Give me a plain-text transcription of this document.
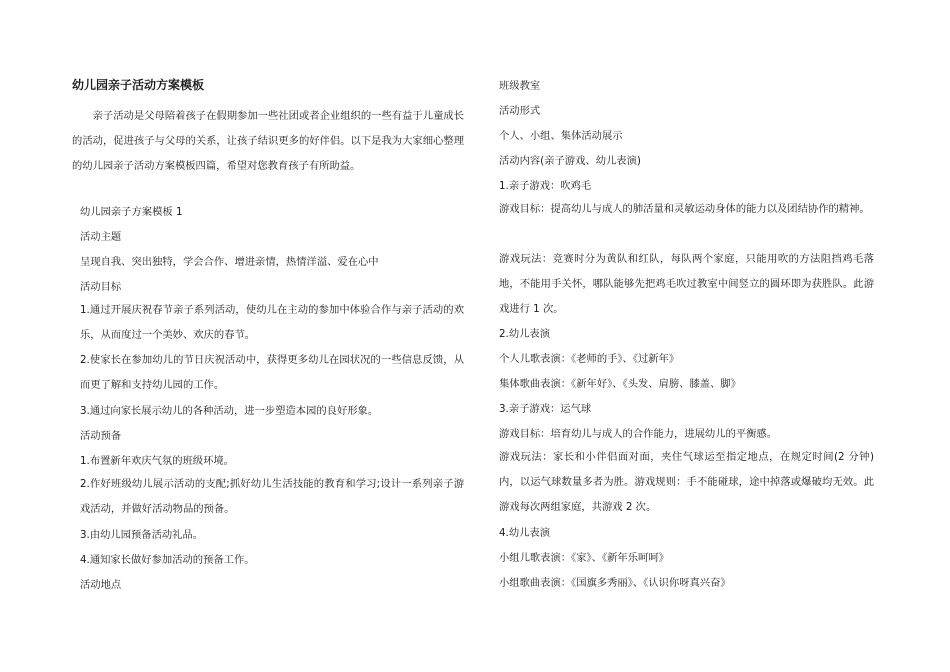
幼儿园亲子活动方案模板
亲子活动是父母陪着孩子在假期参加一些社团或者企业组织的一些有益于儿童成长的活动，促进孩子与父母的关系，让孩子结识更多的好伴侣。以下是我为大家细心整理的幼儿园亲子活动方案模板四篇，希望对您教育孩子有所助益。
幼儿园亲子方案模板 1
活动主题
呈现自我、突出独特，学会合作、增进亲情，热情洋溢、爱在心中
活动目标
1.通过开展庆祝春节亲子系列活动，使幼儿在主动的参加中体验合作与亲子活动的欢乐，从而度过一个美妙、欢庆的春节。
2.使家长在参加幼儿的节日庆祝活动中，获得更多幼儿在园状况的一些信息反馈，从而更了解和支持幼儿园的工作。
3.通过向家长展示幼儿的各种活动，进一步塑造本园的良好形象。
活动预备
1.布置新年欢庆气氛的班级环境。
2.作好班级幼儿展示活动的支配;抓好幼儿生活技能的教育和学习;设计一系列亲子游戏活动，并做好活动物品的预备。
3.由幼儿园预备活动礼品。
4.通知家长做好参加活动的预备工作。
活动地点
班级教室
活动形式
个人、小组、集体活动展示
活动内容(亲子游戏、幼儿表演)
1.亲子游戏：吹鸡毛
游戏目标：提高幼儿与成人的肺活量和灵敏运动身体的能力以及团结协作的精神。
游戏玩法：竞赛时分为黄队和红队，每队两个家庭，只能用吹的方法阻挡鸡毛落地，不能用手关怀，哪队能够先把鸡毛吹过教室中间竖立的圆环即为获胜队。此游戏进行 1 次。
2.幼儿表演
个人儿歌表演：《老师的手》、《过新年》
集体歌曲表演：《新年好》、《头发、肩膀、膝盖、脚》
3.亲子游戏：运气球
游戏目标：培育幼儿与成人的合作能力，进展幼儿的平衡感。
游戏玩法：家长和小伴侣面对面，夹住气球运至指定地点，在规定时间(2 分钟)内，以运气球数量多者为胜。游戏规则：手不能碰球，途中掉落或爆破均无效。此游戏每次两组家庭，共游戏 2 次。
4.幼儿表演
小组儿歌表演：《家》、《新年乐呵呵》
小组歌曲表演：《国旗多秀丽》、《认识你呀真兴奋》
